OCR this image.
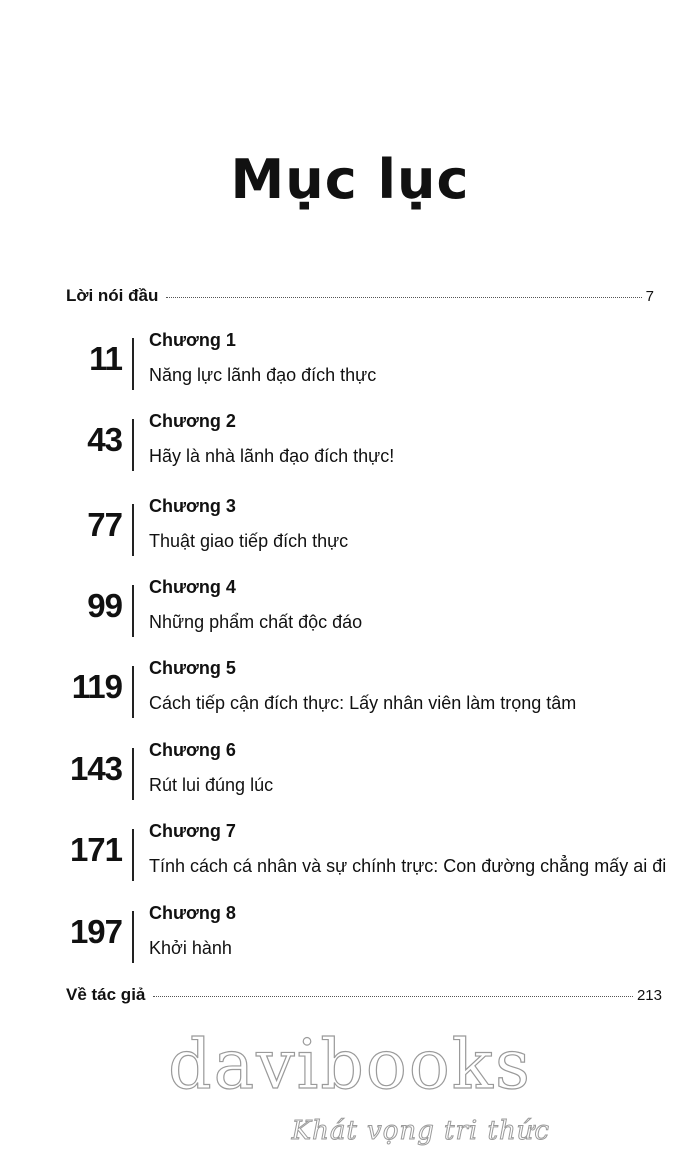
Mục lục
Lời nói đầu	7
11 Chương 1
Năng lực lãnh đạo đích thực
43 Chương 2
Hãy là nhà lãnh đạo đích thực!
77 Chương 3
Thuật giao tiếp đích thực
99 Chương 4
Những phẩm chất độc đáo
119 Chương 5
Cách tiếp cận đích thực: Lấy nhân viên làm trọng tâm
143 Chương 6
Rút lui đúng lúc
171 Chương 7
Tính cách cá nhân và sự chính trực: Con đường chẳng mấy ai đi
197 Chương 8
Khởi hành
Về tác giả	213
davibooks
Khát vọng tri thức
